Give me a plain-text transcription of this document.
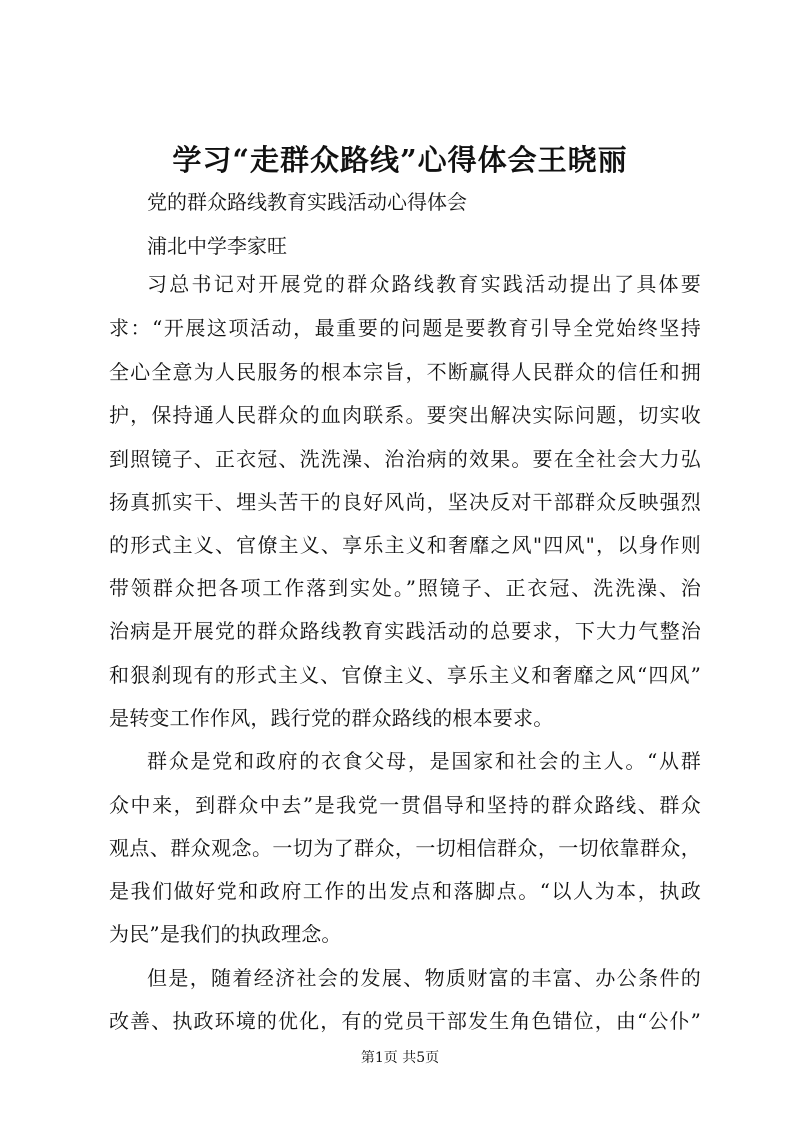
学习“走群众路线”心得体会王晓丽
党的群众路线教育实践活动心得体会
浦北中学李家旺
习总书记对开展党的群众路线教育实践活动提出了具体要
求：“开展这项活动，最重要的问题是要教育引导全党始终坚持
全心全意为人民服务的根本宗旨，不断赢得人民群众的信任和拥
护，保持通人民群众的血肉联系。要突出解决实际问题，切实收
到照镜子、正衣冠、洗洗澡、治治病的效果。要在全社会大力弘
扬真抓实干、埋头苦干的良好风尚，坚决反对干部群众反映强烈
的形式主义、官僚主义、享乐主义和奢靡之风"四风"，以身作则
带领群众把各项工作落到实处。”照镜子、正衣冠、洗洗澡、治
治病是开展党的群众路线教育实践活动的总要求，下大力气整治
和狠刹现有的形式主义、官僚主义、享乐主义和奢靡之风“四风”
是转变工作作风，践行党的群众路线的根本要求。
群众是党和政府的衣食父母，是国家和社会的主人。“从群
众中来，到群众中去”是我党一贯倡导和坚持的群众路线、群众
观点、群众观念。一切为了群众，一切相信群众，一切依靠群众，
是我们做好党和政府工作的出发点和落脚点。“以人为本，执政
为民”是我们的执政理念。
但是，随着经济社会的发展、物质财富的丰富、办公条件的
改善、执政环境的优化，有的党员干部发生角色错位，由“公仆”
第1页 共5页
